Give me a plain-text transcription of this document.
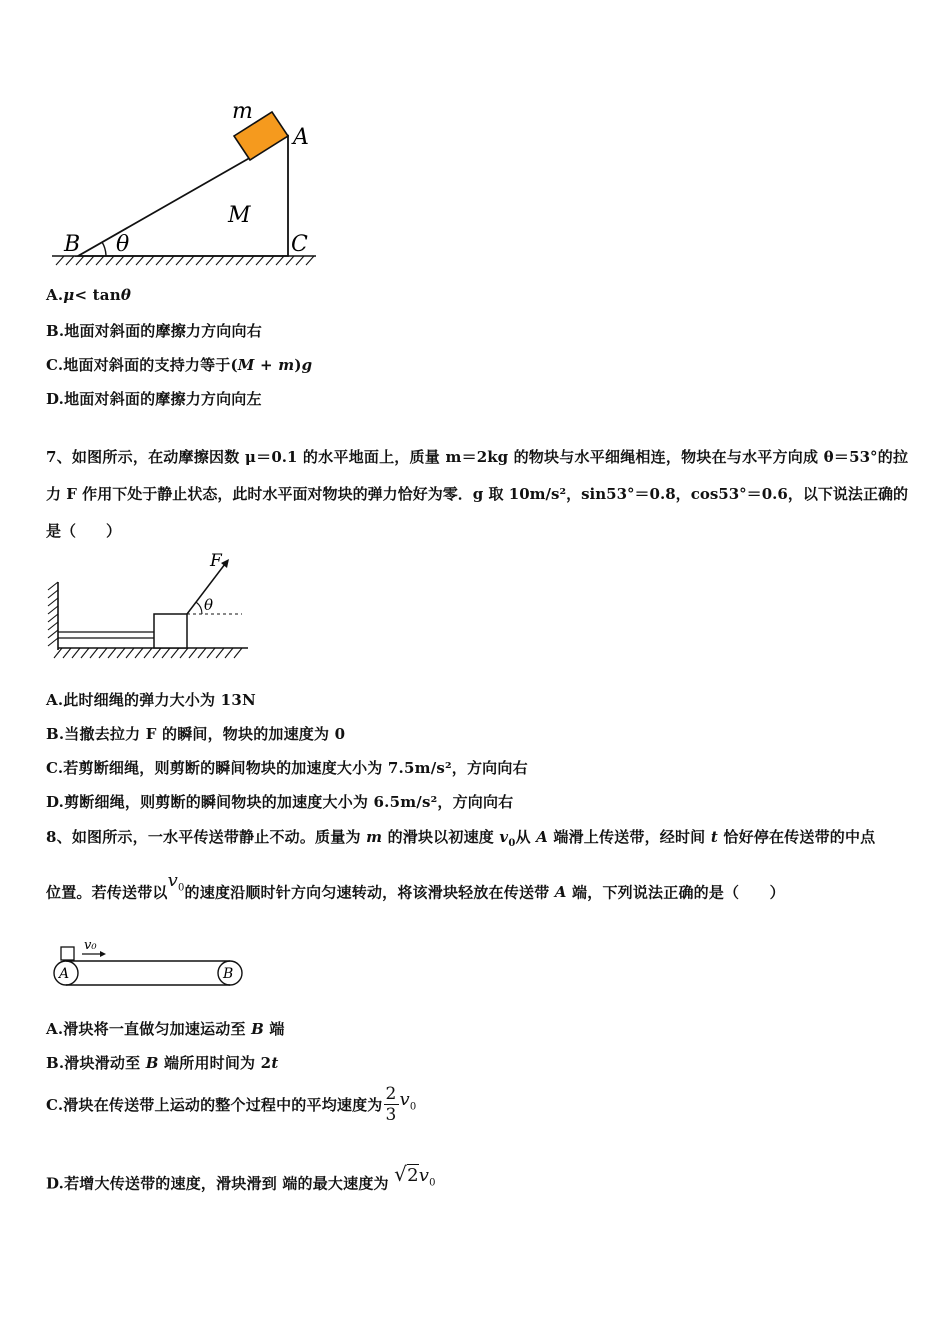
m
A
M
B θ	C
A.μ< tanθ
B.地面对斜面的摩擦力方向向右
C.地面对斜面的支持力等于(M + m)g
D.地面对斜面的摩擦力方向向左
7、如图所示，在动摩擦因数 μ＝0.1 的水平地面上，质量 m＝2kg 的物块与水平细绳相连，物块在与水平方向成 θ＝53°的拉力 F 作用下处于静止状态，此时水平面对物块的弹力恰好为零．g 取 10m/s²，sin53°＝0.8，cos53°＝0.6，以下说法正确的是（　　）
F
θ
A.此时细绳的弹力大小为 13N
B.当撤去拉力 F 的瞬间，物块的加速度为 0
C.若剪断细绳，则剪断的瞬间物块的加速度大小为 7.5m/s²，方向向右
D.剪断细绳，则剪断的瞬间物块的加速度大小为 6.5m/s²，方向向右
8、如图所示，一水平传送带静止不动。质量为 m 的滑块以初速度 $v_0$从 A 端滑上传送带，经时间 t 恰好停在传送带的中点
位置。若传送带以$v_0$的速度沿顺时针方向匀速转动，将该滑块轻放在传送带 A 端，下列说法正确的是（　　）
v₀
A	B
A.滑块将一直做匀加速运动至 B 端
B.滑块滑动至 B 端所用时间为 2t
C.滑块在传送带上运动的整个过程中的平均速度为 $\frac{2}{3} v_0$
D.若增大传送带的速度，滑块滑到 端的最大速度为 $√2v_0$
